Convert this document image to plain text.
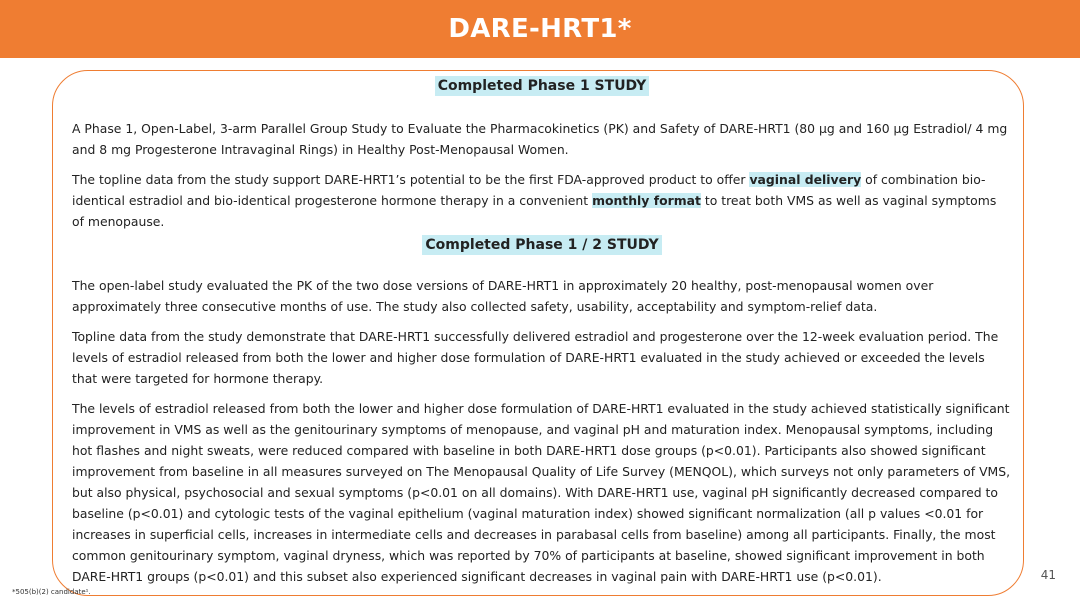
DARE-HRT1*
Completed Phase 1 STUDY

A Phase 1, Open-Label, 3-arm Parallel Group Study to Evaluate the Pharmacokinetics (PK) and Safety of DARE-HRT1 (80 µg and 160 µg Estradiol/ 4 mg and 8 mg Progesterone Intravaginal Rings) in Healthy Post-Menopausal Women.

The topline data from the study support DARE-HRT1’s potential to be the first FDA-approved product to offer vaginal delivery of combination bio-identical estradiol and bio-identical progesterone hormone therapy in a convenient monthly format to treat both VMS as well as vaginal symptoms of menopause.

Completed Phase 1 / 2 STUDY

The open-label study evaluated the PK of the two dose versions of DARE-HRT1 in approximately 20 healthy, post-menopausal women over approximately three consecutive months of use. The study also collected safety, usability, acceptability and symptom-relief data.

Topline data from the study demonstrate that DARE-HRT1 successfully delivered estradiol and progesterone over the 12-week evaluation period. The levels of estradiol released from both the lower and higher dose formulation of DARE-HRT1 evaluated in the study achieved or exceeded the levels that were targeted for hormone therapy.

The levels of estradiol released from both the lower and higher dose formulation of DARE-HRT1 evaluated in the study achieved statistically significant improvement in VMS as well as the genitourinary symptoms of menopause, and vaginal pH and maturation index. Menopausal symptoms, including hot flashes and night sweats, were reduced compared with baseline in both DARE-HRT1 dose groups (p<0.01). Participants also showed significant improvement from baseline in all measures surveyed on The Menopausal Quality of Life Survey (MENQOL), which surveys not only parameters of VMS, but also physical, psychosocial and sexual symptoms (p<0.01 on all domains). With DARE-HRT1 use, vaginal pH significantly decreased compared to baseline (p<0.01) and cytologic tests of the vaginal epithelium (vaginal maturation index) showed significant normalization (all p values <0.01 for increases in superficial cells, increases in intermediate cells and decreases in parabasal cells from baseline) among all participants. Finally, the most common genitourinary symptom, vaginal dryness, which was reported by 70% of participants at baseline, showed significant improvement in both DARE-HRT1 groups (p<0.01) and this subset also experienced significant decreases in vaginal pain with DARE-HRT1 use (p<0.01).

*505(b)(2) candidate¹.
41
